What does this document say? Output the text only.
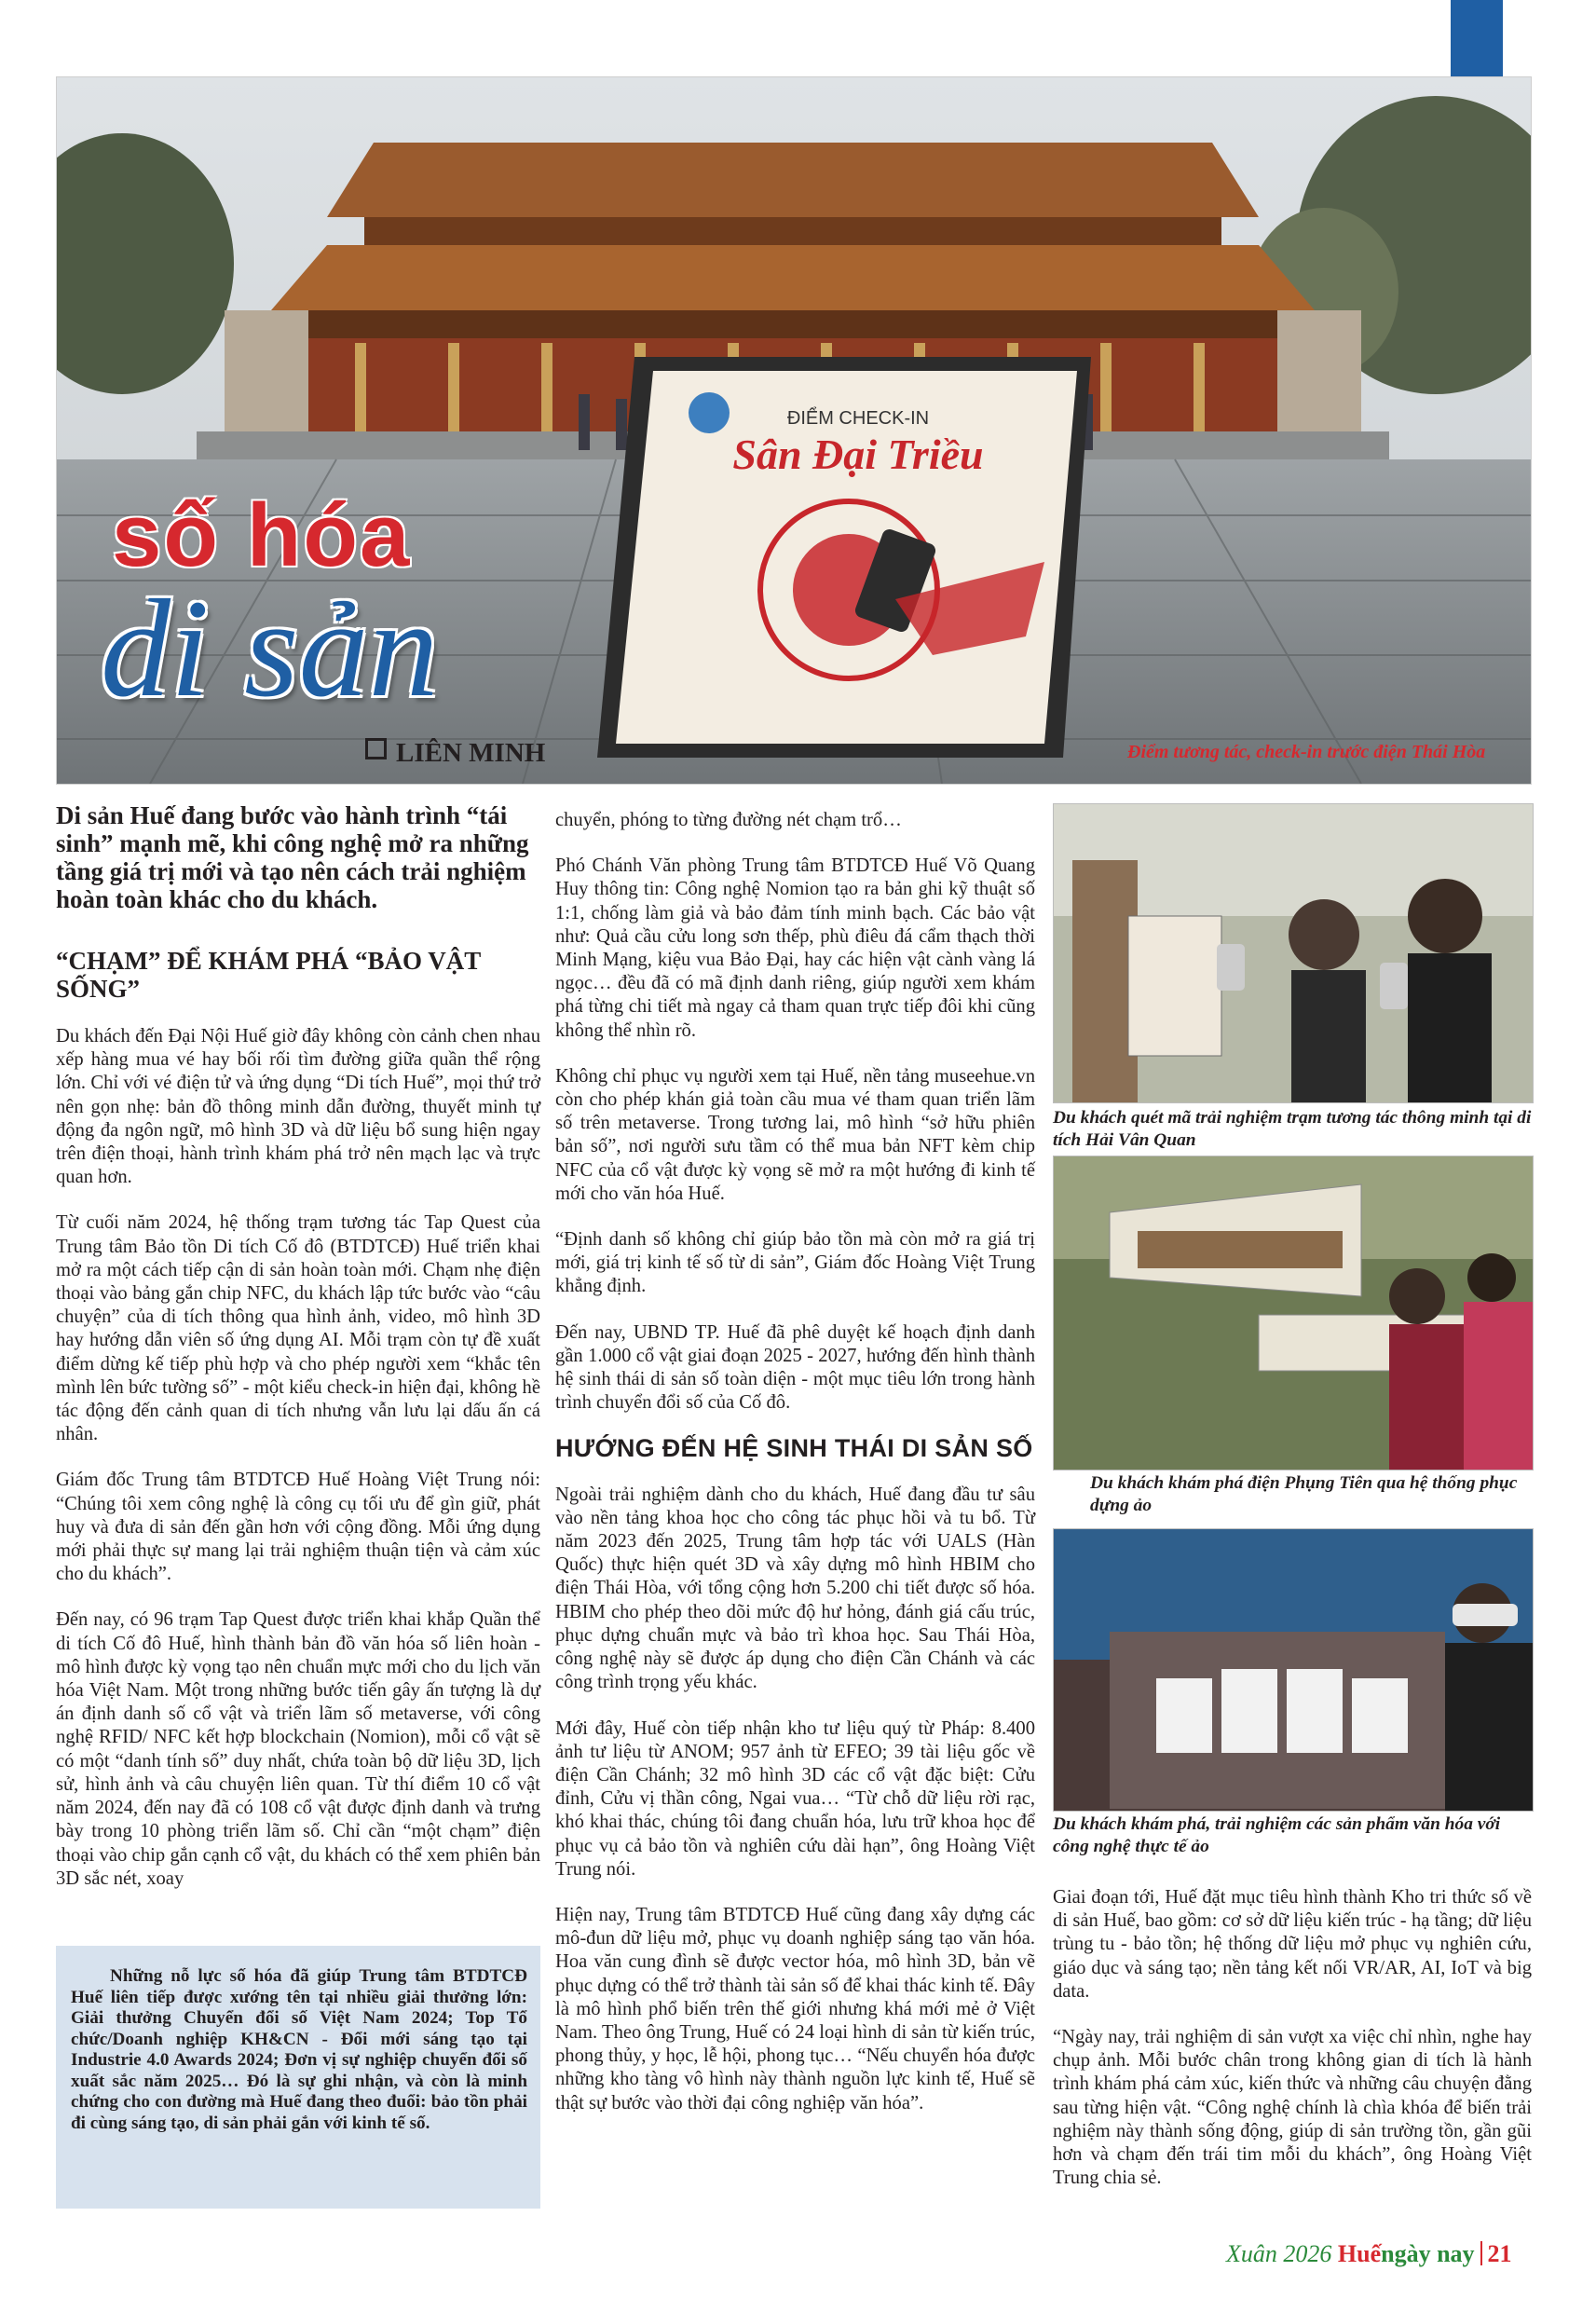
ĐIỂM CHECK-IN
Sân Đại Triều
số hóa
di sản
LIÊN MINH	Điểm tương tác, check-in trước điện Thái Hòa

Di sản Huế đang bước vào hành trình “tái sinh” mạnh mẽ, khi công nghệ mở ra những tầng giá trị mới và tạo nên cách trải nghiệm hoàn toàn khác cho du khách.

“CHẠM” ĐỂ KHÁM PHÁ “BẢO VẬT SỐNG”

Du khách đến Đại Nội Huế giờ đây không còn cảnh chen nhau xếp hàng mua vé hay bối rối tìm đường giữa quần thể rộng lớn. Chỉ với vé điện tử và ứng dụng “Di tích Huế”, mọi thứ trở nên gọn nhẹ: bản đồ thông minh dẫn đường, thuyết minh tự động đa ngôn ngữ, mô hình 3D và dữ liệu bổ sung hiện ngay trên điện thoại, hành trình khám phá trở nên mạch lạc và trực quan hơn.

Từ cuối năm 2024, hệ thống trạm tương tác Tap Quest của Trung tâm Bảo tồn Di tích Cố đô (BTDTCĐ) Huế triển khai mở ra một cách tiếp cận di sản hoàn toàn mới. Chạm nhẹ điện thoại vào bảng gắn chip NFC, du khách lập tức bước vào “câu chuyện” của di tích thông qua hình ảnh, video, mô hình 3D hay hướng dẫn viên số ứng dụng AI. Mỗi trạm còn tự đề xuất điểm dừng kế tiếp phù hợp và cho phép người xem “khắc tên mình lên bức tường số” - một kiểu check-in hiện đại, không hề tác động đến cảnh quan di tích nhưng vẫn lưu lại dấu ấn cá nhân.

Giám đốc Trung tâm BTDTCĐ Huế Hoàng Việt Trung nói: “Chúng tôi xem công nghệ là công cụ tối ưu để gìn giữ, phát huy và đưa di sản đến gần hơn với cộng đồng. Mỗi ứng dụng mới phải thực sự mang lại trải nghiệm thuận tiện và cảm xúc cho du khách”.

Đến nay, có 96 trạm Tap Quest được triển khai khắp Quần thể di tích Cố đô Huế, hình thành bản đồ văn hóa số liên hoàn - mô hình được kỳ vọng tạo nên chuẩn mực mới cho du lịch văn hóa Việt Nam. Một trong những bước tiến gây ấn tượng là dự án định danh số cổ vật và triển lãm số metaverse, với công nghệ RFID/ NFC kết hợp blockchain (Nomion), mỗi cổ vật sẽ có một “danh tính số” duy nhất, chứa toàn bộ dữ liệu 3D, lịch sử, hình ảnh và câu chuyện liên quan. Từ thí điểm 10 cổ vật năm 2024, đến nay đã có 108 cổ vật được định danh và trưng bày trong 10 phòng triển lãm số. Chỉ cần “một chạm” điện thoại vào chip gắn cạnh cổ vật, du khách có thể xem phiên bản 3D sắc nét, xoay

Những nỗ lực số hóa đã giúp Trung tâm BTDTCĐ Huế liên tiếp được xướng tên tại nhiều giải thưởng lớn: Giải thưởng Chuyển đổi số Việt Nam 2024; Top Tổ chức/Doanh nghiệp KH&CN - Đổi mới sáng tạo tại Industrie 4.0 Awards 2024; Đơn vị sự nghiệp chuyển đổi số xuất sắc năm 2025… Đó là sự ghi nhận, và còn là minh chứng cho con đường mà Huế đang theo đuổi: bảo tồn phải đi cùng sáng tạo, di sản phải gắn với kinh tế số.

chuyển, phóng to từng đường nét chạm trổ…

Phó Chánh Văn phòng Trung tâm BTDTCĐ Huế Võ Quang Huy thông tin: Công nghệ Nomion tạo ra bản ghi kỹ thuật số 1:1, chống làm giả và bảo đảm tính minh bạch. Các bảo vật như: Quả cầu cửu long sơn thếp, phù điêu đá cẩm thạch thời Minh Mạng, kiệu vua Bảo Đại, hay các hiện vật cành vàng lá ngọc… đều đã có mã định danh riêng, giúp người xem khám phá từng chi tiết mà ngay cả tham quan trực tiếp đôi khi cũng không thể nhìn rõ.

Không chỉ phục vụ người xem tại Huế, nền tảng museehue.vn còn cho phép khán giả toàn cầu mua vé tham quan triển lãm số trên metaverse. Trong tương lai, mô hình “sở hữu phiên bản số”, nơi người sưu tầm có thể mua bản NFT kèm chip NFC của cổ vật được kỳ vọng sẽ mở ra một hướng đi kinh tế mới cho văn hóa Huế.

“Định danh số không chỉ giúp bảo tồn mà còn mở ra giá trị mới, giá trị kinh tế số từ di sản”, Giám đốc Hoàng Việt Trung khẳng định.

Đến nay, UBND TP. Huế đã phê duyệt kế hoạch định danh gần 1.000 cổ vật giai đoạn 2025 - 2027, hướng đến hình thành hệ sinh thái di sản số toàn diện - một mục tiêu lớn trong hành trình chuyển đổi số của Cố đô.

HƯỚNG ĐẾN HỆ SINH THÁI DI SẢN SỐ

Ngoài trải nghiệm dành cho du khách, Huế đang đầu tư sâu vào nền tảng khoa học cho công tác phục hồi và tu bổ. Từ năm 2023 đến 2025, Trung tâm hợp tác với UALS (Hàn Quốc) thực hiện quét 3D và xây dựng mô hình HBIM cho điện Thái Hòa, với tổng cộng hơn 5.200 chi tiết được số hóa. HBIM cho phép theo dõi mức độ hư hỏng, đánh giá cấu trúc, phục dựng chuẩn mực và bảo trì khoa học. Sau Thái Hòa, công nghệ này sẽ được áp dụng cho điện Cần Chánh và các công trình trọng yếu khác.

Mới đây, Huế còn tiếp nhận kho tư liệu quý từ Pháp: 8.400 ảnh tư liệu từ ANOM; 957 ảnh từ EFEO; 39 tài liệu gốc về điện Cần Chánh; 32 mô hình 3D các cổ vật đặc biệt: Cửu đỉnh, Cửu vị thần công, Ngai vua… “Từ chỗ dữ liệu rời rạc, khó khai thác, chúng tôi đang chuẩn hóa, lưu trữ khoa học để phục vụ cả bảo tồn và nghiên cứu dài hạn”, ông Hoàng Việt Trung nói.

Hiện nay, Trung tâm BTDTCĐ Huế cũng đang xây dựng các mô-đun dữ liệu mở, phục vụ doanh nghiệp sáng tạo văn hóa. Hoa văn cung đình sẽ được vector hóa, mô hình 3D, bản vẽ phục dựng có thể trở thành tài sản số để khai thác kinh tế. Đây là mô hình phổ biến trên thế giới nhưng khá mới mẻ ở Việt Nam. Theo ông Trung, Huế có 24 loại hình di sản từ kiến trúc, phong thủy, y học, lễ hội, phong tục… “Nếu chuyển hóa được những kho tàng vô hình này thành nguồn lực kinh tế, Huế sẽ thật sự bước vào thời đại công nghiệp văn hóa”.

Du khách quét mã trải nghiệm trạm tương tác thông minh tại di tích Hải Vân Quan
Du khách khám phá điện Phụng Tiên qua hệ thống phục dựng ảo
Du khách khám phá, trải nghiệm các sản phẩm văn hóa với công nghệ thực tế ảo

Giai đoạn tới, Huế đặt mục tiêu hình thành Kho tri thức số về di sản Huế, bao gồm: cơ sở dữ liệu kiến trúc - hạ tầng; dữ liệu trùng tu - bảo tồn; hệ thống dữ liệu mở phục vụ nghiên cứu, giáo dục và sáng tạo; nền tảng kết nối VR/AR, AI, IoT và big data.

“Ngày nay, trải nghiệm di sản vượt xa việc chỉ nhìn, nghe hay chụp ảnh. Mỗi bước chân trong không gian di tích là hành trình khám phá cảm xúc, kiến thức và những câu chuyện đằng sau từng hiện vật. “Công nghệ chính là chìa khóa để biến trải nghiệm này thành sống động, giúp di sản trường tồn, gần gũi hơn và chạm đến trái tim mỗi du khách”, ông Hoàng Việt Trung chia sẻ.

Xuân 2026 Huếngày nay 21
